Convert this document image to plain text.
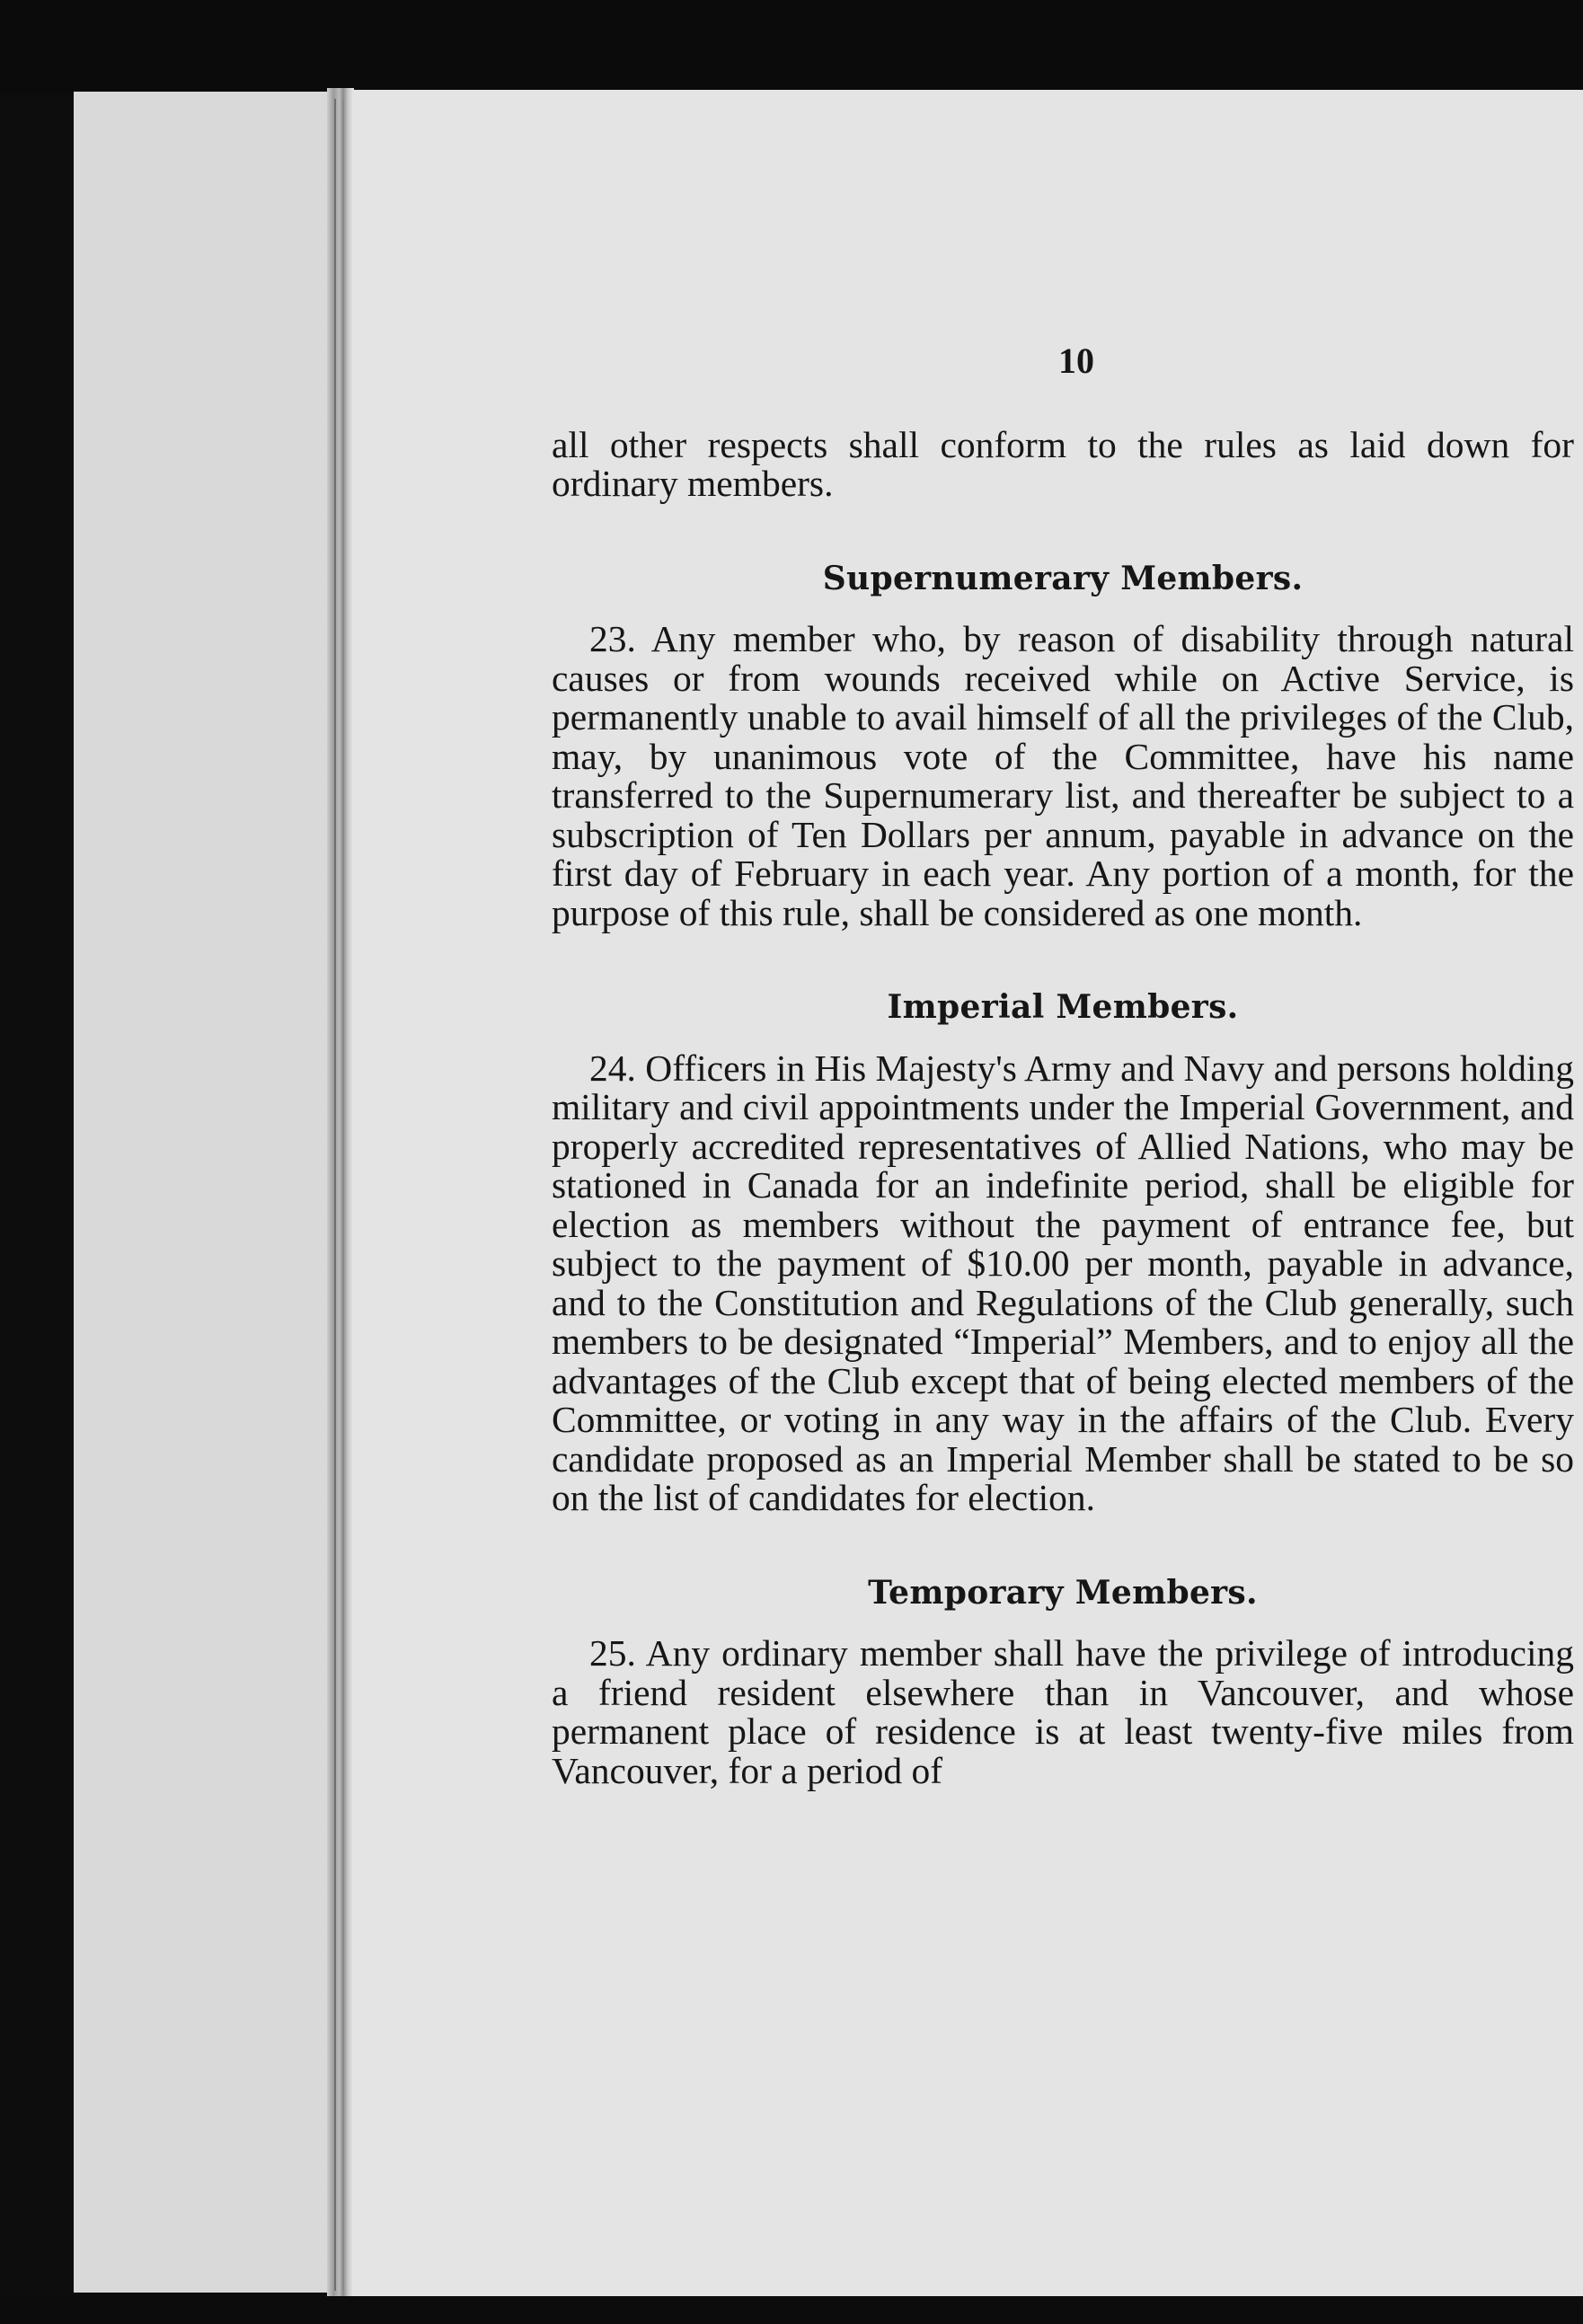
10

all other respects shall conform to the rules as laid down for ordinary members.

Supernumerary Members.

23. Any member who, by reason of disability through natural causes or from wounds received while on Active Service, is permanently unable to avail himself of all the privileges of the Club, may, by unanimous vote of the Committee, have his name transferred to the Supernumerary list, and thereafter be subject to a subscription of Ten Dollars per annum, payable in advance on the first day of February in each year. Any portion of a month, for the purpose of this rule, shall be considered as one month.

Imperial Members.

24. Officers in His Majesty's Army and Navy and persons holding military and civil appointments under the Imperial Government, and properly accredited representatives of Allied Nations, who may be stationed in Canada for an indefinite period, shall be eligible for election as members without the payment of entrance fee, but subject to the payment of $10.00 per month, payable in advance, and to the Constitution and Regulations of the Club generally, such members to be designated “Imperial” Members, and to enjoy all the advantages of the Club except that of being elected members of the Committee, or voting in any way in the affairs of the Club. Every candidate proposed as an Imperial Member shall be stated to be so on the list of candidates for election.

Temporary Members.

25. Any ordinary member shall have the privilege of introducing a friend resident elsewhere than in Vancouver, and whose permanent place of residence is at least twenty-five miles from Vancouver, for a period of
